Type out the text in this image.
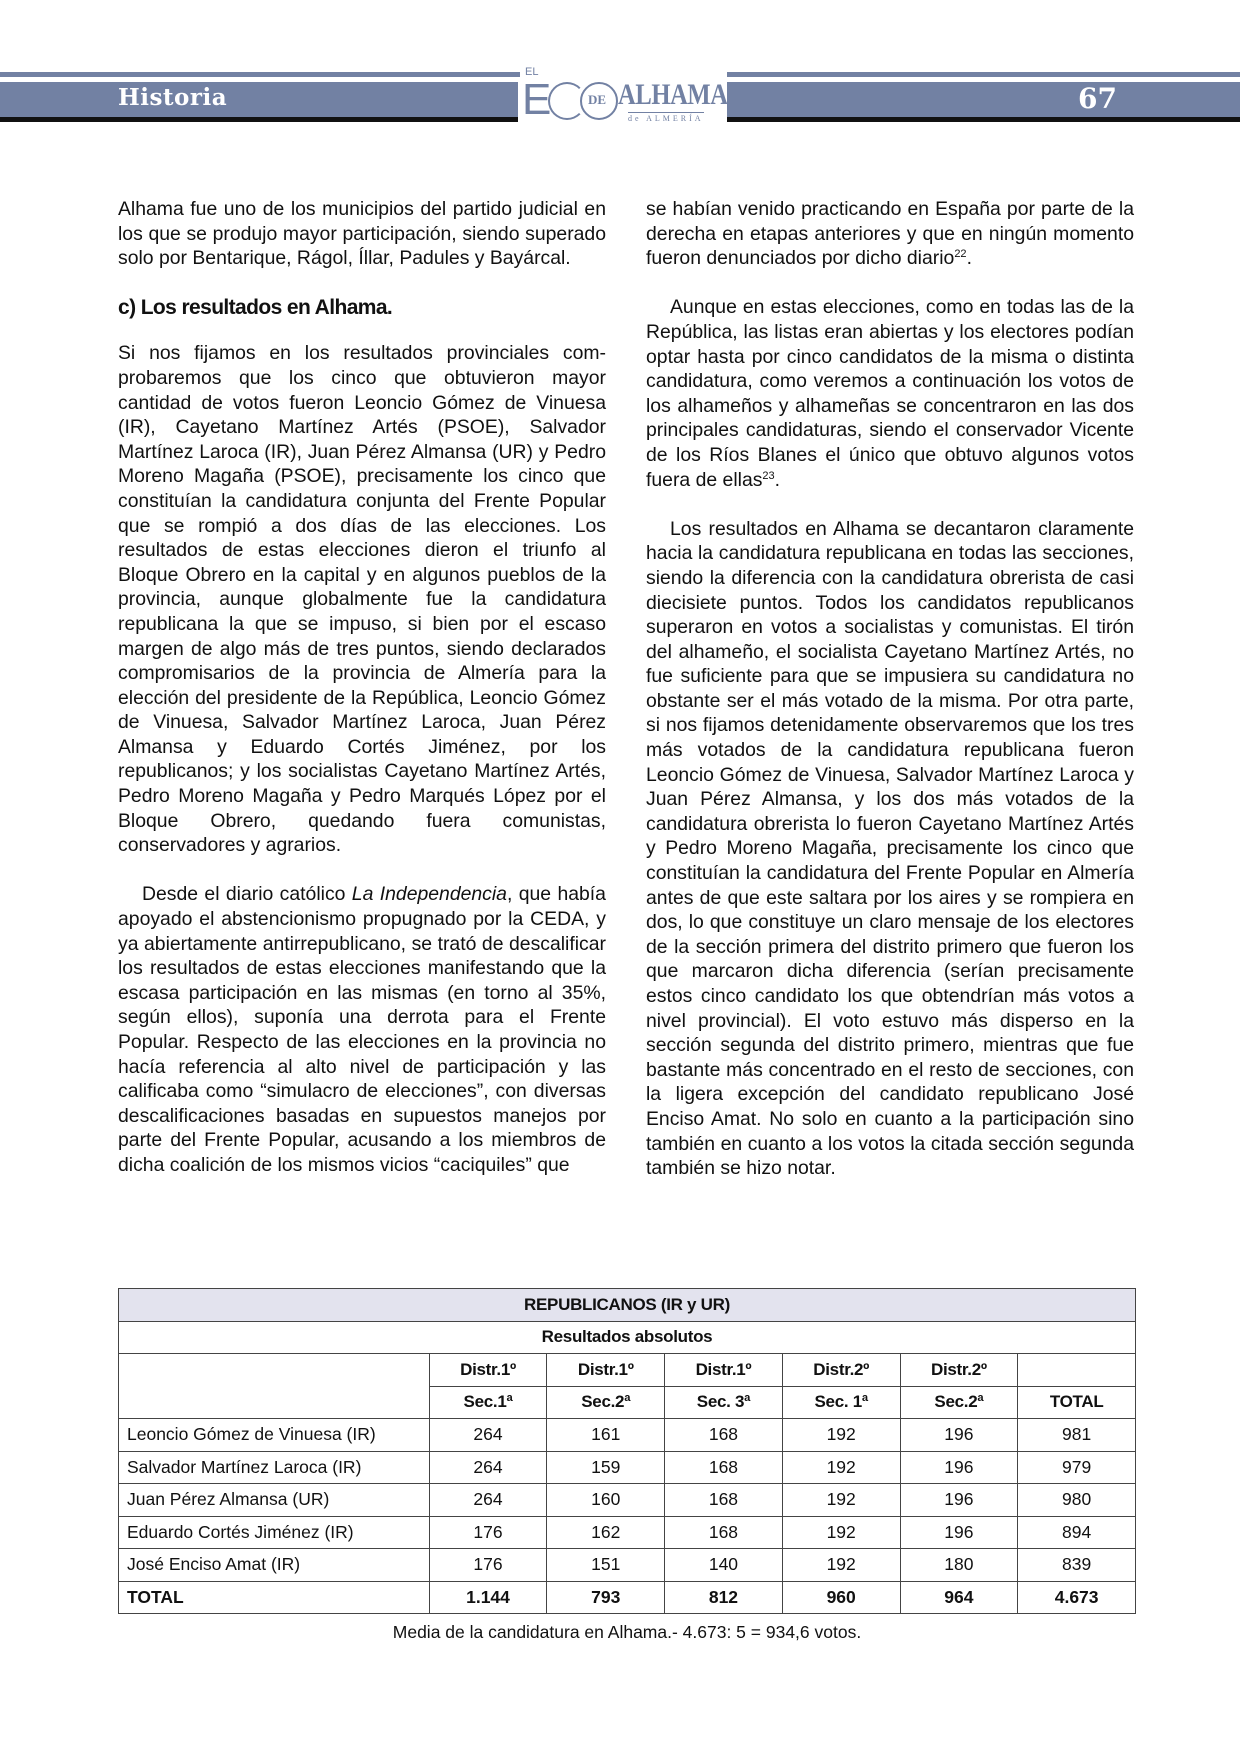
Historia	67
EL
E	DE ALHAMA
de ALMERÍA

Alhama fue uno de los municipios del partido judicial en los que se produjo mayor participación, siendo superado solo por Bentarique, Rágol, Íllar, Padules y Bayárcal.

c) Los resultados en Alhama.

Si nos fijamos en los resultados provinciales comprobaremos que los cinco que obtuvieron mayor cantidad de votos fueron Leoncio Gómez de Vinuesa (IR), Cayetano Martínez Artés (PSOE), Salvador Martínez Laroca (IR), Juan Pérez Almansa (UR) y Pedro Moreno Magaña (PSOE), precisamente los cinco que constituían la candidatura conjunta del Frente Popular que se rompió a dos días de las elecciones. Los resultados de estas elecciones dieron el triunfo al Bloque Obrero en la capital y en algunos pueblos de la provincia, aunque globalmente fue la candidatura republicana la que se impuso, si bien por el escaso margen de algo más de tres puntos, siendo declarados compromisarios de la provincia de Almería para la elección del presidente de la República, Leoncio Gómez de Vinuesa, Salvador Martínez Laroca, Juan Pérez Almansa y Eduardo Cortés Jiménez, por los republicanos; y los socialistas Cayetano Martínez Artés, Pedro Moreno Magaña y Pedro Marqués López por el Bloque Obrero, quedando fuera comunistas, conservadores y agrarios.

Desde el diario católico La Independencia, que había apoyado el abstencionismo propugnado por la CEDA, y ya abiertamente antirrepublicano, se trató de descalificar los resultados de estas elecciones manifestando que la escasa participación en las mismas (en torno al 35%, según ellos), suponía una derrota para el Frente Popular. Respecto de las elecciones en la provincia no hacía referencia al alto nivel de participación y las calificaba como “simulacro de elecciones”, con diversas descalificaciones basadas en supuestos manejos por parte del Frente Popular, acusando a los miembros de dicha coalición de los mismos vicios “caciquiles” que

se habían venido practicando en España por parte de la derecha en etapas anteriores y que en ningún momento fueron denunciados por dicho diario$^{22}$.

Aunque en estas elecciones, como en todas las de la República, las listas eran abiertas y los electores podían optar hasta por cinco candidatos de la misma o distinta candidatura, como veremos a continuación los votos de los alhameños y alhameñas se concentraron en las dos principales candidaturas, siendo el conservador Vicente de los Ríos Blanes el único que obtuvo algunos votos fuera de ellas$^{23}$.

Los resultados en Alhama se decantaron claramente hacia la candidatura republicana en todas las secciones, siendo la diferencia con la candidatura obrerista de casi diecisiete puntos. Todos los candidatos republicanos superaron en votos a socialistas y comunistas. El tirón del alhameño, el socialista Cayetano Martínez Artés, no fue suficiente para que se impusiera su candidatura no obstante ser el más votado de la misma. Por otra parte, si nos fijamos detenidamente observaremos que los tres más votados de la candidatura republicana fueron Leoncio Gómez de Vinuesa, Salvador Martínez Laroca y Juan Pérez Almansa, y los dos más votados de la candidatura obrerista lo fueron Cayetano Martínez Artés y Pedro Moreno Magaña, precisamente los cinco que constituían la candidatura del Frente Popular en Almería antes de que este saltara por los aires y se rompiera en dos, lo que constituye un claro mensaje de los electores de la sección primera del distrito primero que fueron los que marcaron dicha diferencia (serían precisamente estos cinco candidato los que obtendrían más votos a nivel provincial). El voto estuvo más disperso en la sección segunda del distrito primero, mientras que fue bastante más concentrado en el resto de secciones, con la ligera excepción del candidato republicano José Enciso Amat. No solo en cuanto a la participación sino también en cuanto a los votos la citada sección segunda también se hizo notar.

REPUBLICANOS (IR y UR)						
Resultados absolutos						
	Distr.1º	Distr.1º	Distr.1º	Distr.2º	Distr.2º	
	Sec.1ª	Sec.2ª	Sec. 3ª	Sec. 1ª	Sec.2ª	TOTAL
Leoncio Gómez de Vinuesa (IR)	264	161	168	192	196	981
Salvador Martínez Laroca (IR)	264	159	168	192	196	979
Juan Pérez Almansa (UR)	264	160	168	192	196	980
Eduardo Cortés Jiménez (IR)	176	162	168	192	196	894
José Enciso Amat (IR)	176	151	140	192	180	839
TOTAL	1.144	793	812	960	964	4.673
Media de la candidatura en Alhama.- 4.673: 5 = 934,6 votos.
